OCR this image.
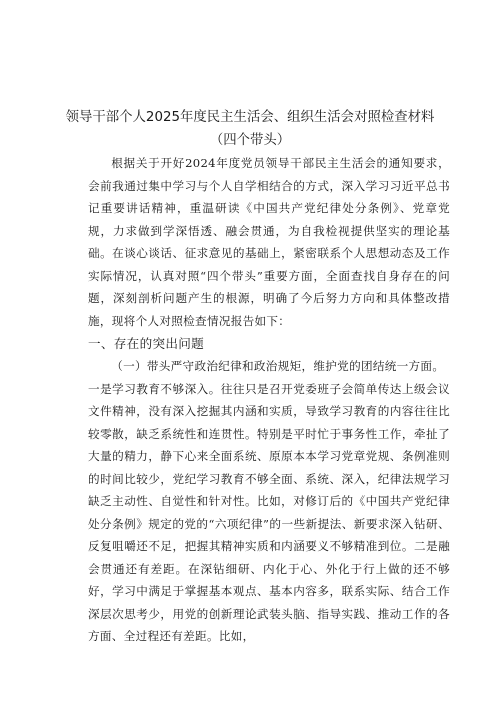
领导干部个人2025年度民主生活会、组织生活会对照检查材料（四个带头）

根据关于开好2024年度党员领导干部民主生活会的通知要求，会前我通过集中学习与个人自学相结合的方式，深入学习习近平总书记重要讲话精神，重温研读《中国共产党纪律处分条例》、党章党规，力求做到学深悟透、融会贯通，为自我检视提供坚实的理论基础。在谈心谈话、征求意见的基础上，紧密联系个人思想动态及工作实际情况，认真对照“四个带头”重要方面，全面查找自身存在的问题，深刻剖析问题产生的根源，明确了今后努力方向和具体整改措施，现将个人对照检查情况报告如下：

一、存在的突出问题

（一）带头严守政治纪律和政治规矩，维护党的团结统一方面。

一是学习教育不够深入。往往只是召开党委班子会简单传达上级会议文件精神，没有深入挖掘其内涵和实质，导致学习教育的内容往往比较零散，缺乏系统性和连贯性。特别是平时忙于事务性工作，牵扯了大量的精力，静下心来全面系统、原原本本学习党章党规、条例准则的时间比较少，党纪学习教育不够全面、系统、深入，纪律法规学习缺乏主动性、自觉性和针对性。比如，对修订后的《中国共产党纪律处分条例》规定的党的“六项纪律”的一些新提法、新要求深入钻研、反复咀嚼还不足，把握其精神实质和内涵要义不够精准到位。二是融会贯通还有差距。在深钻细研、内化于心、外化于行上做的还不够好，学习中满足于掌握基本观点、基本内容多，联系实际、结合工作深层次思考少，用党的创新理论武装头脑、指导实践、推动工作的各方面、全过程还有差距。比如，
